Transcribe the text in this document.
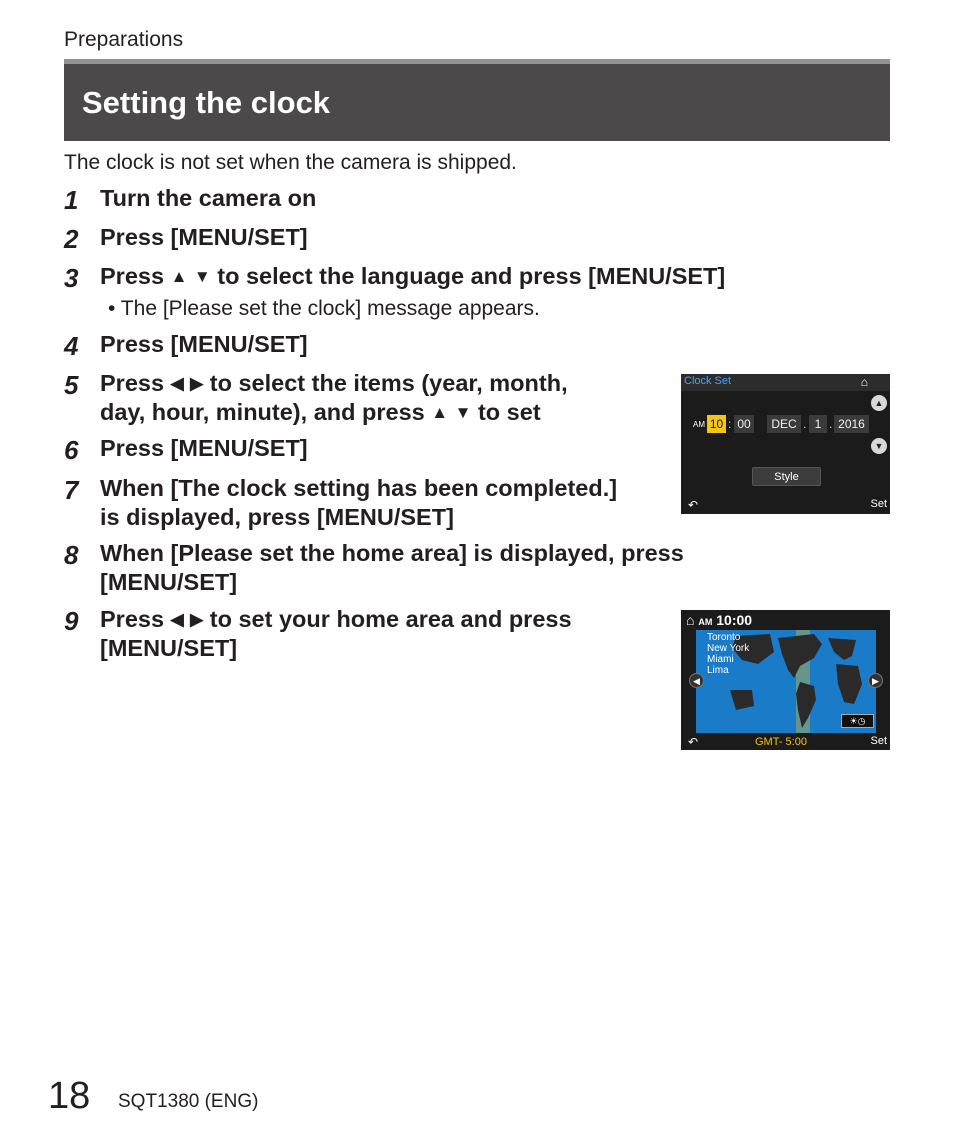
Preparations
Setting the clock
The clock is not set when the camera is shipped.
1 Turn the camera on
2 Press [MENU/SET]
3 Press ▲ ▼ to select the language and press [MENU/SET]
• The [Please set the clock] message appears.
4 Press [MENU/SET]
5 Press ◀ ▶ to select the items (year, month,
day, hour, minute), and press ▲ ▼ to set
6 Press [MENU/SET]
7 When [The clock setting has been completed.]
is displayed, press [MENU/SET]
8 When [Please set the home area] is displayed, press
[MENU/SET]
9 Press ◀ ▶ to set your home area and press
[MENU/SET]
Clock Set	⌂
▲
▼
AM 10 : 00	DEC . 1 . 2016
Style
↶	Set
⌂ AM 10:00
Toronto
New York
Miami
Lima
◀	▶
☀◷
↶	GMT- 5:00	Set
18 SQT1380 (ENG)
